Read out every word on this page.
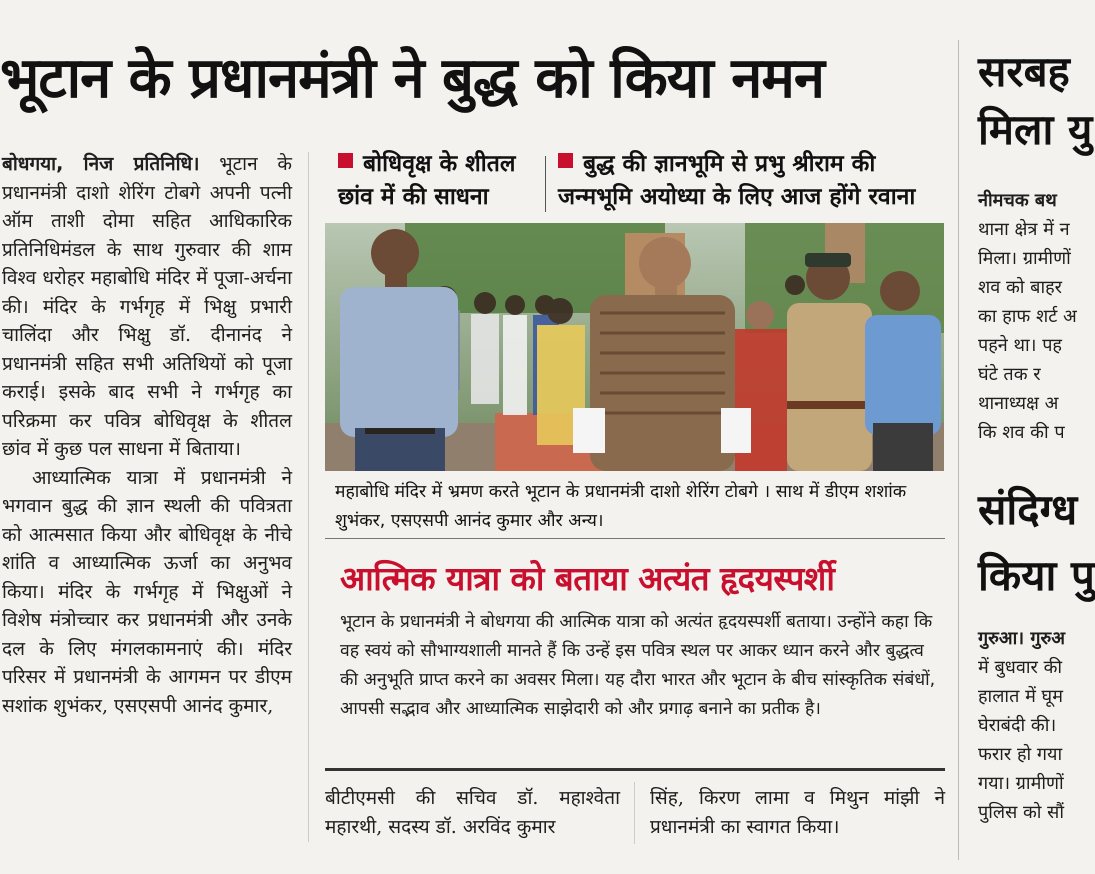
भूटान के प्रधानमंत्री ने बुद्ध को किया नमन

बोधगया, निज प्रतिनिधि। भूटान के प्रधानमंत्री दाशो शेरिंग टोबगे अपनी पत्नी ऑम ताशी दोमा सहित आधिकारिक प्रतिनिधिमंडल के साथ गुरुवार की शाम विश्व धरोहर महाबोधि मंदिर में पूजा-अर्चना की। मंदिर के गर्भगृह में भिक्षु प्रभारी चालिंदा और भिक्षु डॉ. दीनानंद ने प्रधानमंत्री सहित सभी अतिथियों को पूजा कराई। इसके बाद सभी ने गर्भगृह का परिक्रमा कर पवित्र बोधिवृक्ष के शीतल छांव में कुछ पल साधना में बिताया।

आध्यात्मिक यात्रा में प्रधानमंत्री ने भगवान बुद्ध की ज्ञान स्थली की पवित्रता को आत्मसात किया और बोधिवृक्ष के नीचे शांति व आध्यात्मिक ऊर्जा का अनुभव किया। मंदिर के गर्भगृह में भिक्षुओं ने विशेष मंत्रोच्चार कर प्रधानमंत्री और उनके दल के लिए मंगलकामनाएं की। मंदिर परिसर में प्रधानमंत्री के आगमन पर डीएम सशांक शुभंकर, एसएसपी आनंद कुमार,

बोधिवृक्ष के शीतल छांव में की साधना
बुद्ध की ज्ञानभूमि से प्रभु श्रीराम की जन्मभूमि अयोध्या के लिए आज होंगे रवाना
महाबोधि मंदिर में भ्रमण करते भूटान के प्रधानमंत्री दाशो शेरिंग टोबगे । साथ में डीएम शशांक शुभंकर, एसएसपी आनंद कुमार और अन्य।
आत्मिक यात्रा को बताया अत्यंत हृदयस्पर्शी
भूटान के प्रधानमंत्री ने बोधगया की आत्मिक यात्रा को अत्यंत हृदयस्पर्शी बताया। उन्होंने कहा कि वह स्वयं को सौभाग्यशाली मानते हैं कि उन्हें इस पवित्र स्थल पर आकर ध्यान करने और बुद्धत्व की अनुभूति प्राप्त करने का अवसर मिला। यह दौरा भारत और भूटान के बीच सांस्कृतिक संबंधों, आपसी सद्भाव और आध्यात्मिक साझेदारी को और प्रगाढ़ बनाने का प्रतीक है।

बीटीएमसी की सचिव डॉ. महाश्वेता महारथी, सदस्य डॉ. अरविंद कुमार

सिंह, किरण लामा व मिथुन मांझी ने प्रधानमंत्री का स्वागत किया।

सरबह
मिला यु
नीमचक बथ
थाना क्षेत्र में न
मिला। ग्रामीणों
शव को बाहर
का हाफ शर्ट अ
पहने था। पह
घंटे तक र
थानाध्यक्ष अ
कि शव की प
संदिग्ध
किया पु
गुरुआ। गुरुअ
में बुधवार की
हालात में घूम
घेराबंदी की।
फरार हो गया
गया। ग्रामीणों
पुलिस को सौं
